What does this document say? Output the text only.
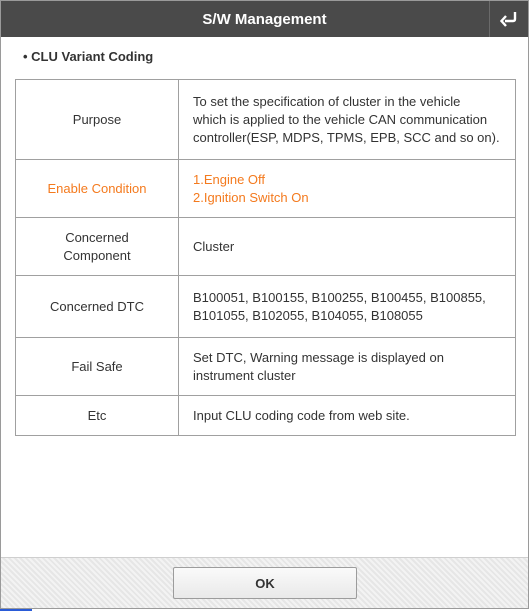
S/W Management
• CLU Variant Coding
Purpose	To set the specification of cluster in the vehicle
which is applied to the vehicle CAN communication
controller(ESP, MDPS, TPMS, EPB, SCC and so on).

Enable Condition	1.Engine Off
2.Ignition Switch On

Concerned
Component	Cluster

Concerned DTC	B100051, B100155, B100255, B100455, B100855,
B101055, B102055, B104055, B108055

Fail Safe	Set DTC, Warning message is displayed on
instrument cluster

Etc	Input CLU coding code from web site.
OK
